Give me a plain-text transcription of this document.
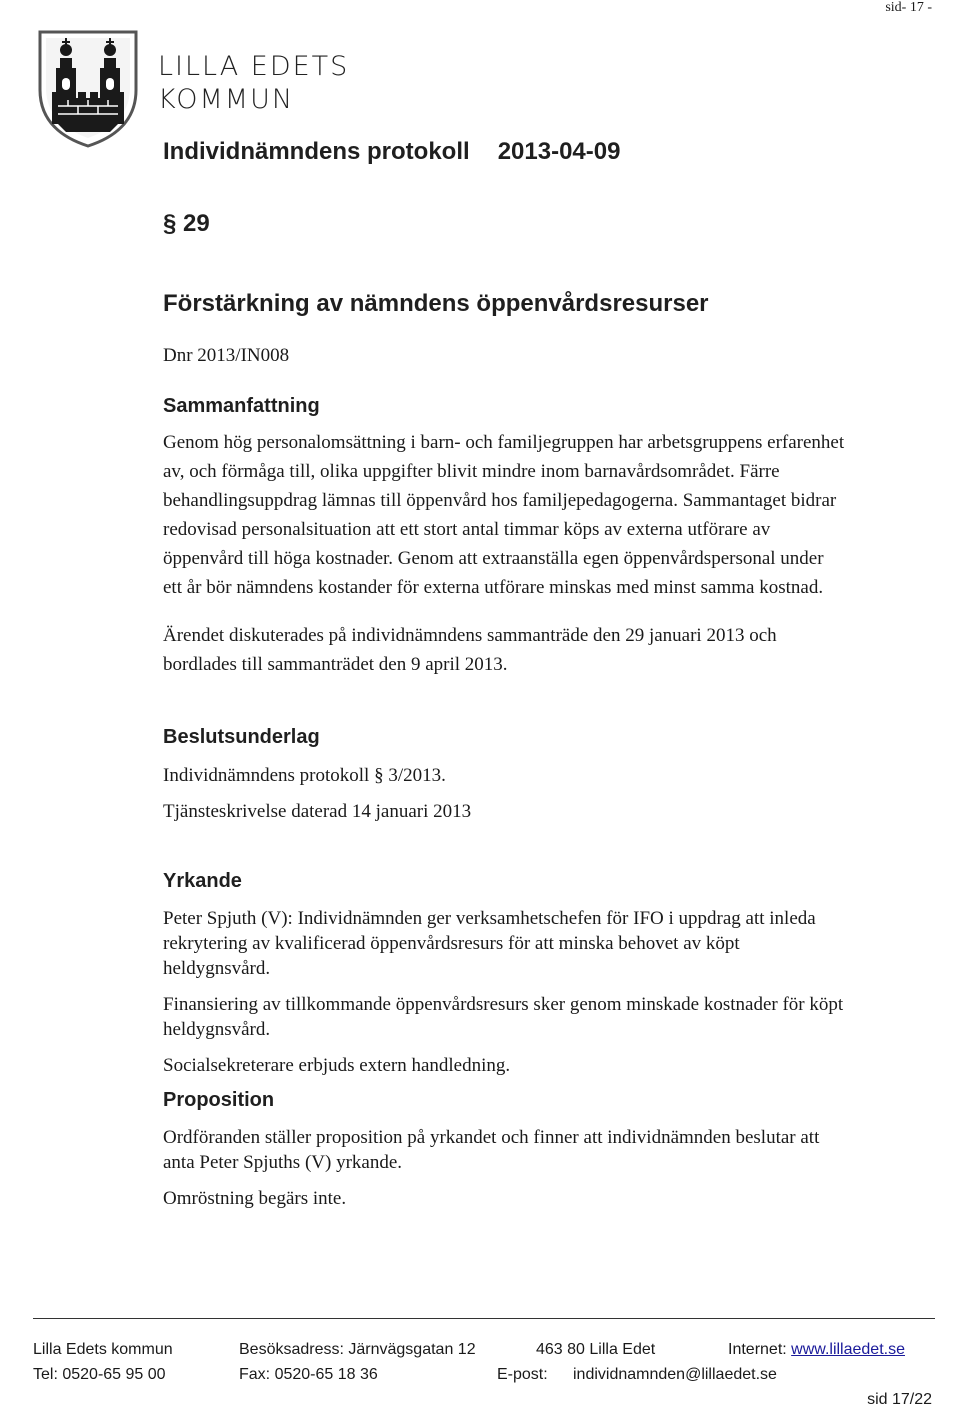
sid- 17 -
LILLA EDETS
KOMMUN
Individnämndens protokoll 2013-04-09
§ 29
Förstärkning av nämndens öppenvårdsresurser
Dnr 2013/IN008
Sammanfattning
Genom hög personalomsättning i barn- och familjegruppen har arbetsgruppens erfarenhet
av, och förmåga till, olika uppgifter blivit mindre inom barnavårdsområdet. Färre
behandlingsuppdrag lämnas till öppenvård hos familjepedagogerna. Sammantaget bidrar
redovisad personalsituation att ett stort antal timmar köps av externa utförare av
öppenvård till höga kostnader. Genom att extraanställa egen öppenvårdspersonal under
ett år bör nämndens kostander för externa utförare minskas med minst samma kostnad.
Ärendet diskuterades på individnämndens sammanträde den 29 januari 2013 och
bordlades till sammanträdet den 9 april 2013.
Beslutsunderlag
Individnämndens protokoll § 3/2013.
Tjänsteskrivelse daterad 14 januari 2013
Yrkande
Peter Spjuth (V): Individnämnden ger verksamhetschefen för IFO i uppdrag att inleda
rekrytering av kvalificerad öppenvårdsresurs för att minska behovet av köpt
heldygnsvård.
Finansiering av tillkommande öppenvårdsresurs sker genom minskade kostnader för köpt
heldygnsvård.
Socialsekreterare erbjuds extern handledning.
Proposition
Ordföranden ställer proposition på yrkandet och finner att individnämnden beslutar att
anta Peter Spjuths (V) yrkande.
Omröstning begärs inte.
Lilla Edets kommun	Besöksadress: Järnvägsgatan 12	463 80 Lilla Edet	Internet: www.lillaedet.se
Tel: 0520-65 95 00	Fax: 0520-65 18 36	E-post: individnamnden@lillaedet.se
sid 17/22
